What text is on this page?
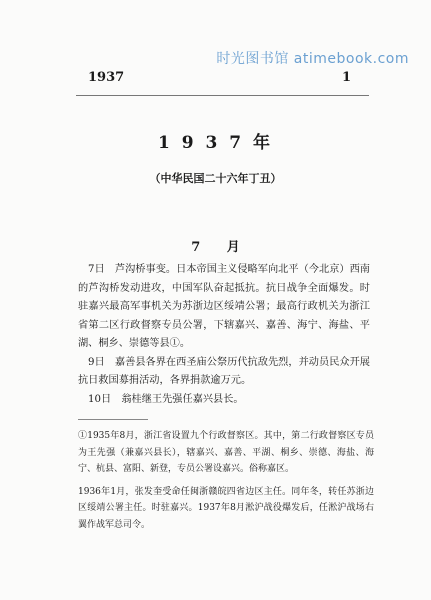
时光图书馆 atimebook.com
1937	1
1 9 3 7 年
（中华民国二十六年丁丑）
7 月

7日　芦沟桥事变。日本帝国主义侵略军向北平（今北京）西南的芦沟桥发动进攻，中国军队奋起抵抗。抗日战争全面爆发。时驻嘉兴最高军事机关为苏浙边区绥靖公署；最高行政机关为浙江省第二区行政督察专员公署，下辖嘉兴、嘉善、海宁、海盐、平湖、桐乡、崇德等县①。

9日　嘉善县各界在西圣庙公祭历代抗敌先烈，并动员民众开展抗日救国募捐活动，各界捐款逾万元。

10日　翁桂继王先强任嘉兴县长。

①1935年8月，浙江省设置九个行政督察区。其中，第二行政督察区专员为王先强（兼嘉兴县长），辖嘉兴、嘉善、平湖、桐乡、崇德、海盐、海宁、杭县、富阳、新登，专员公署设嘉兴。俗称嘉区。

1936年1月，张发奎受命任闽浙赣皖四省边区主任。同年冬，转任苏浙边区绥靖公署主任。时驻嘉兴。1937年8月淞沪战役爆发后，任淞沪战场右翼作战军总司令。
